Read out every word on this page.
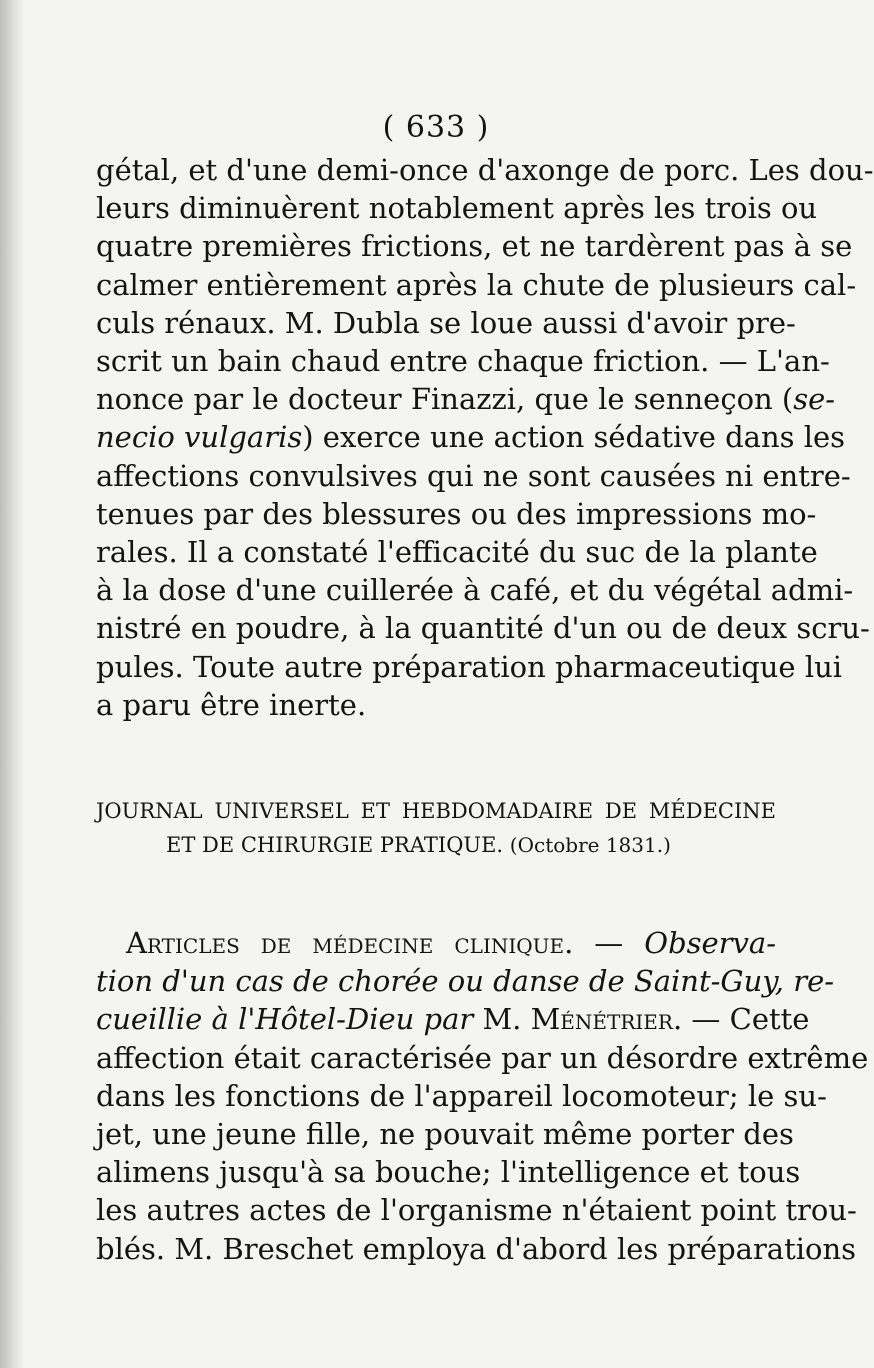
( 633 )
gétal, et d'une demi-once d'axonge de porc. Les dou-
leurs diminuèrent notablement après les trois ou
quatre premières frictions, et ne tardèrent pas à se
calmer entièrement après la chute de plusieurs cal-
culs rénaux. M. Dubla se loue aussi d'avoir pre-
scrit un bain chaud entre chaque friction. — L'an-
nonce par le docteur Finazzi, que le senneçon (se-
necio vulgaris) exerce une action sédative dans les
affections convulsives qui ne sont causées ni entre-
tenues par des blessures ou des impressions mo-
rales. Il a constaté l'efficacité du suc de la plante
à la dose d'une cuillerée à café, et du végétal admi-
nistré en poudre, à la quantité d'un ou de deux scru-
pules. Toute autre préparation pharmaceutique lui
a paru être inerte.
JOURNAL UNIVERSEL ET HEBDOMADAIRE DE MÉDECINE
ET DE CHIRURGIE PRATIQUE. (Octobre 1831.)
Articles de médecine clinique. — Observa-
tion d'un cas de chorée ou danse de Saint-Guy, re-
cueillie à l'Hôtel-Dieu par M. Ménétrier. — Cette
affection était caractérisée par un désordre extrême
dans les fonctions de l'appareil locomoteur; le su-
jet, une jeune fille, ne pouvait même porter des
alimens jusqu'à sa bouche; l'intelligence et tous
les autres actes de l'organisme n'étaient point trou-
blés. M. Breschet employa d'abord les préparations
